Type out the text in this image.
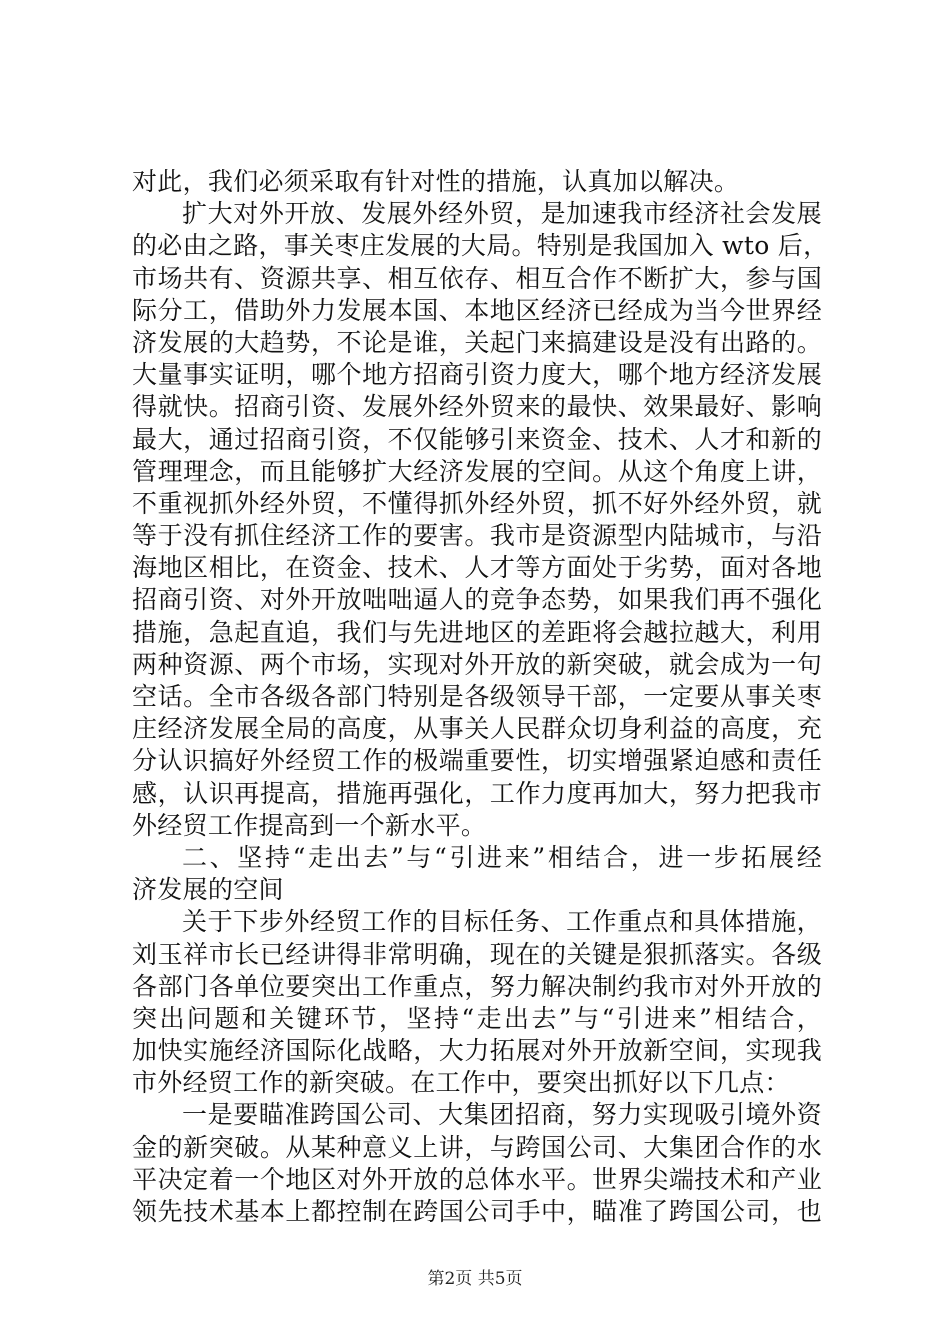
对此，我们必须采取有针对性的措施，认真加以解决。
扩大对外开放、发展外经外贸，是加速我市经济社会发展
的必由之路，事关枣庄发展的大局。特别是我国加入 wto 后，
市场共有、资源共享、相互依存、相互合作不断扩大，参与国
际分工，借助外力发展本国、本地区经济已经成为当今世界经
济发展的大趋势，不论是谁，关起门来搞建设是没有出路的。
大量事实证明，哪个地方招商引资力度大，哪个地方经济发展
得就快。招商引资、发展外经外贸来的最快、效果最好、影响
最大，通过招商引资，不仅能够引来资金、技术、人才和新的
管理理念，而且能够扩大经济发展的空间。从这个角度上讲，
不重视抓外经外贸，不懂得抓外经外贸，抓不好外经外贸，就
等于没有抓住经济工作的要害。我市是资源型内陆城市，与沿
海地区相比，在资金、技术、人才等方面处于劣势，面对各地
招商引资、对外开放咄咄逼人的竞争态势，如果我们再不强化
措施，急起直追，我们与先进地区的差距将会越拉越大，利用
两种资源、两个市场，实现对外开放的新突破，就会成为一句
空话。全市各级各部门特别是各级领导干部，一定要从事关枣
庄经济发展全局的高度，从事关人民群众切身利益的高度，充
分认识搞好外经贸工作的极端重要性，切实增强紧迫感和责任
感，认识再提高，措施再强化，工作力度再加大，努力把我市
外经贸工作提高到一个新水平。
二、坚持“走出去”与“引进来”相结合，进一步拓展经
济发展的空间
关于下步外经贸工作的目标任务、工作重点和具体措施，
刘玉祥市长已经讲得非常明确，现在的关键是狠抓落实。各级
各部门各单位要突出工作重点，努力解决制约我市对外开放的
突出问题和关键环节，坚持“走出去”与“引进来”相结合，
加快实施经济国际化战略，大力拓展对外开放新空间，实现我
市外经贸工作的新突破。在工作中，要突出抓好以下几点：
一是要瞄准跨国公司、大集团招商，努力实现吸引境外资
金的新突破。从某种意义上讲，与跨国公司、大集团合作的水
平决定着一个地区对外开放的总体水平。世界尖端技术和产业
领先技术基本上都控制在跨国公司手中，瞄准了跨国公司，也
第2页 共5页
